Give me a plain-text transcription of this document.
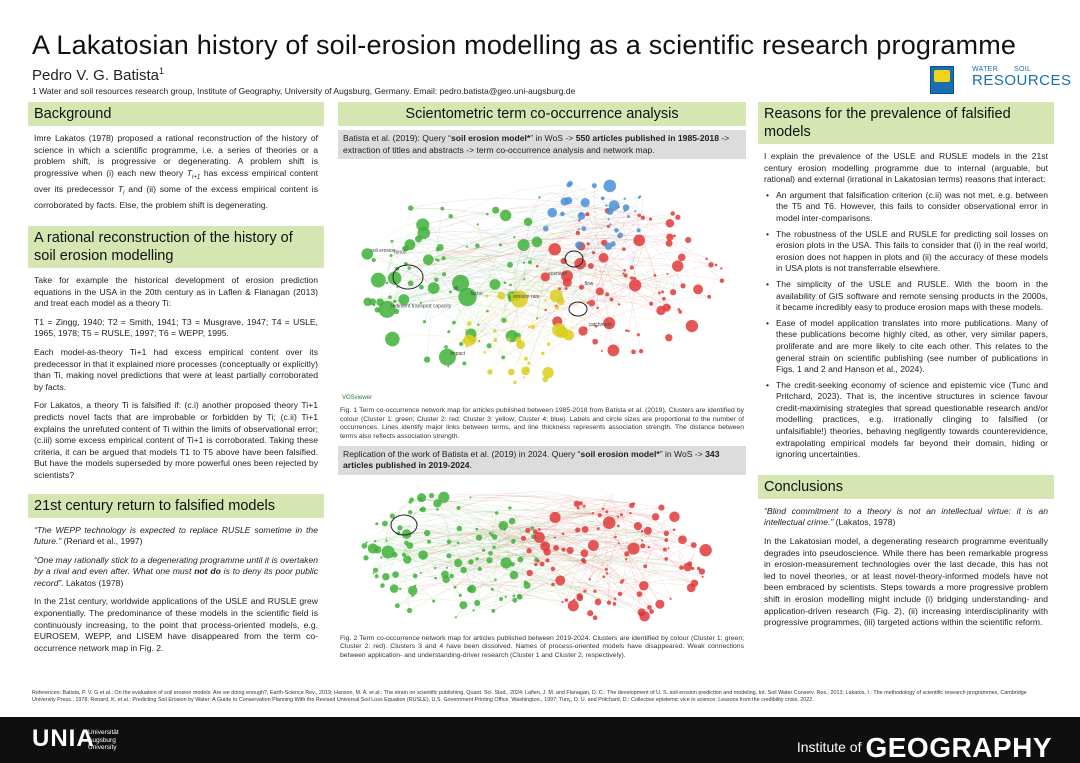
A Lakatosian history of soil-erosion modelling as a scientific research programme
Pedro V. G. Batista$^1$
1 Water and soil resources research group, Institute of Geography, University of Augsburg, Germany. Email: pedro.batista@geo.uni-augsburg.de
WATER SOIL
RESOURCES
Background

Imre Lakatos (1978) proposed a rational reconstruction of the history of science in which a scientific programme, i.e. a series of theories or a problem shift, is progressive or degenerating. A problem shift is progressive when (i) each new theory $T_{i+1}$ has excess empirical content over its predecessor $T_i$ and (ii) some of the excess empirical content is corroborated by facts. Else, the problem shift is degenerating.

A rational reconstruction of the history of soil erosion modelling

Take for example the historical development of erosion prediction equations in the USA in the 20th century as in Laflen & Flanagan (2013) and treat each model as a theory Ti:

T1 = Zingg, 1940; T2 = Smith, 1941; T3 = Musgrave, 1947; T4 = USLE, 1965, 1978; T5 = RUSLE, 1997; T6 = WEPP, 1995.

Each model-as-theory Ti+1 had excess empirical content over its predecessor in that it explained more processes (conceptually or explicitly) than Ti, making novel predictions that were at least partially corroborated by facts.

For Lakatos, a theory Ti is falsified if: (c.i) another proposed theory Ti+1 predicts novel facts that are improbable or forbidden by Ti; (c.ii) Ti+1 explains the unrefuted content of Ti within the limits of observational error; (c.iii) some excess empirical content of Ti+1 is corroborated. Taking these criteria, it can be argued that models T1 to T5 above have been falsified. But have the models superseded by more powerful ones been rejected by scientists?

21st century return to falsified models

“The WEPP technology is expected to replace RUSLE sometime in the future.” (Renard et al., 1997)

“One may rationally stick to a degenerating programme until it is overtaken by a rival and even after. What one must not do is to deny its poor public record”. Lakatos (1978)

In the 21st century, worldwide applications of the USLE and RUSLE grew exponentially. The predominance of these models in the scientific field is continuously increasing, to the point that process-oriented models, e.g. EUROSEM, WEPP, and LISEM have disappeared from the term co-occurrence network map in Fig. 2.

Scientometric term co-occurrence analysis
Batista et al. (2019): Query “soil erosion model*” in WoS -> 550 articles published in 1985-2018 -> extraction of titles and abstracts -> term co-occurrence analysis and network map.
factor
impact
erosion rate
soil erosion
rill
runoff
sediment transport capacity
flow
catchment
scenario
VOSviewer
Fig. 1 Term co-occurrence network map for articles published between 1985-2018 from Batista et al. (2019). Clusters are identified by colour (Cluster 1: green; Cluster 2: red; Cluster 3: yellow; Cluster 4: blue). Labels and circle sizes are proportional to the number of occurrences. Lines identify major links between terms, and line thickness represents association strength. The distance between terms also reflects association strength.
Replication of the work of Batista et al. (2019) in 2024. Query “soil erosion model*” in WoS -> 343 articles published in 2019-2024.
Fig. 2 Term co-occurrence network map for articles published between 2019-2024. Clusters are identified by colour (Cluster 1: green; Cluster 2: red). Clusters 3 and 4 have been dissolved. Names of process-oriented models have disappeared. Weak connections between application- and understanding-driver research (Cluster 1 and Cluster 2, respectively).
Reasons for the prevalence of falsified models

I explain the prevalence of the USLE and RUSLE models in the 21st century erosion modelling programme due to internal (arguable, but rational) and external (irrational in Lakatosian terms) reasons that interact:

• An argument that falsification criterion (c.ii) was not met, e.g. between the T5 and T6. However, this fails to consider observational error in model inter-comparisons.
• The robustness of the USLE and RUSLE for predicting soil losses on erosion plots in the USA. This fails to consider that (i) in the real world, erosion does not happen in plots and (ii) the accuracy of these models in USA plots is not transferrable elsewhere.
• The simplicity of the USLE and RUSLE. With the boom in the availability of GIS software and remote sensing products in the 2000s, it became incredibly easy to produce erosion maps with these models.
• Ease of model application translates into more publications. Many of these publications become highly cited, as other, very similar papers, proliferate and are more likely to cite each other. This relates to the general strain on scientific publishing (see number of publications in Figs. 1 and 2 and Hanson et al., 2024).
• The credit-seeking economy of science and epistemic vice (Tunc and Pritchard, 2023). That is, the incentive structures in science favour credit-maximising strategies that spread questionable research and/or modelling practices, e.g. irrationally clinging to falsified (or unfalsifiable!) theories, behaving negligently towards counterevidence, extrapolating empirical models far beyond their domain, hiding or ignoring uncertainties.
Conclusions

“Blind commitment to a theory is not an intellectual virtue: it is an intellectual crime.” (Lakatos, 1978)

In the Lakatosian model, a degenerating research programme eventually degrades into pseudoscience. While there has been remarkable progress in erosion-measurement technologies over the last decade, this has not led to novel theories, or at least novel-theory-informed models have not been embraced by scientists. Steps towards a more progressive problem shift in erosion modelling might include (i) bridging understanding- and application-driven research (Fig. 2), (ii) increasing interdisciplinarity with progressive programmes, (iii) targeted actions within the scientific reform.

References: Batista, P. V. G et al.: On the evaluation of soil erosion models: Are we doing enough?, Earth-Science Rev., 2019; Hanson, M. A. et al.: The strain on scientific publishing, Quant. Sci. Stud., 2024; Laflen, J. M. and Flanagan, D. C.: The development of U. S. soil erosion prediction and modeling, Int. Soil Water Conserv. Res., 2013; Lakatos, I.: The methodology of scientific research programmes, Cambridge University Press., 1978; Renard, K. et al.: Predicting Soil Erosion by Water: A Guide to Conservation Planning With the Revised Universal Soil Loss Equation (RUSLE), U.S. Government Printing Office, Washington., 1997; Tunç, D. U. and Pritchard, D.: Collective epistemic vice in science: Lessons from the credibility crisis, 2022.
UNIA
Universität Augsburg University	Institute of GEOGRAPHY
